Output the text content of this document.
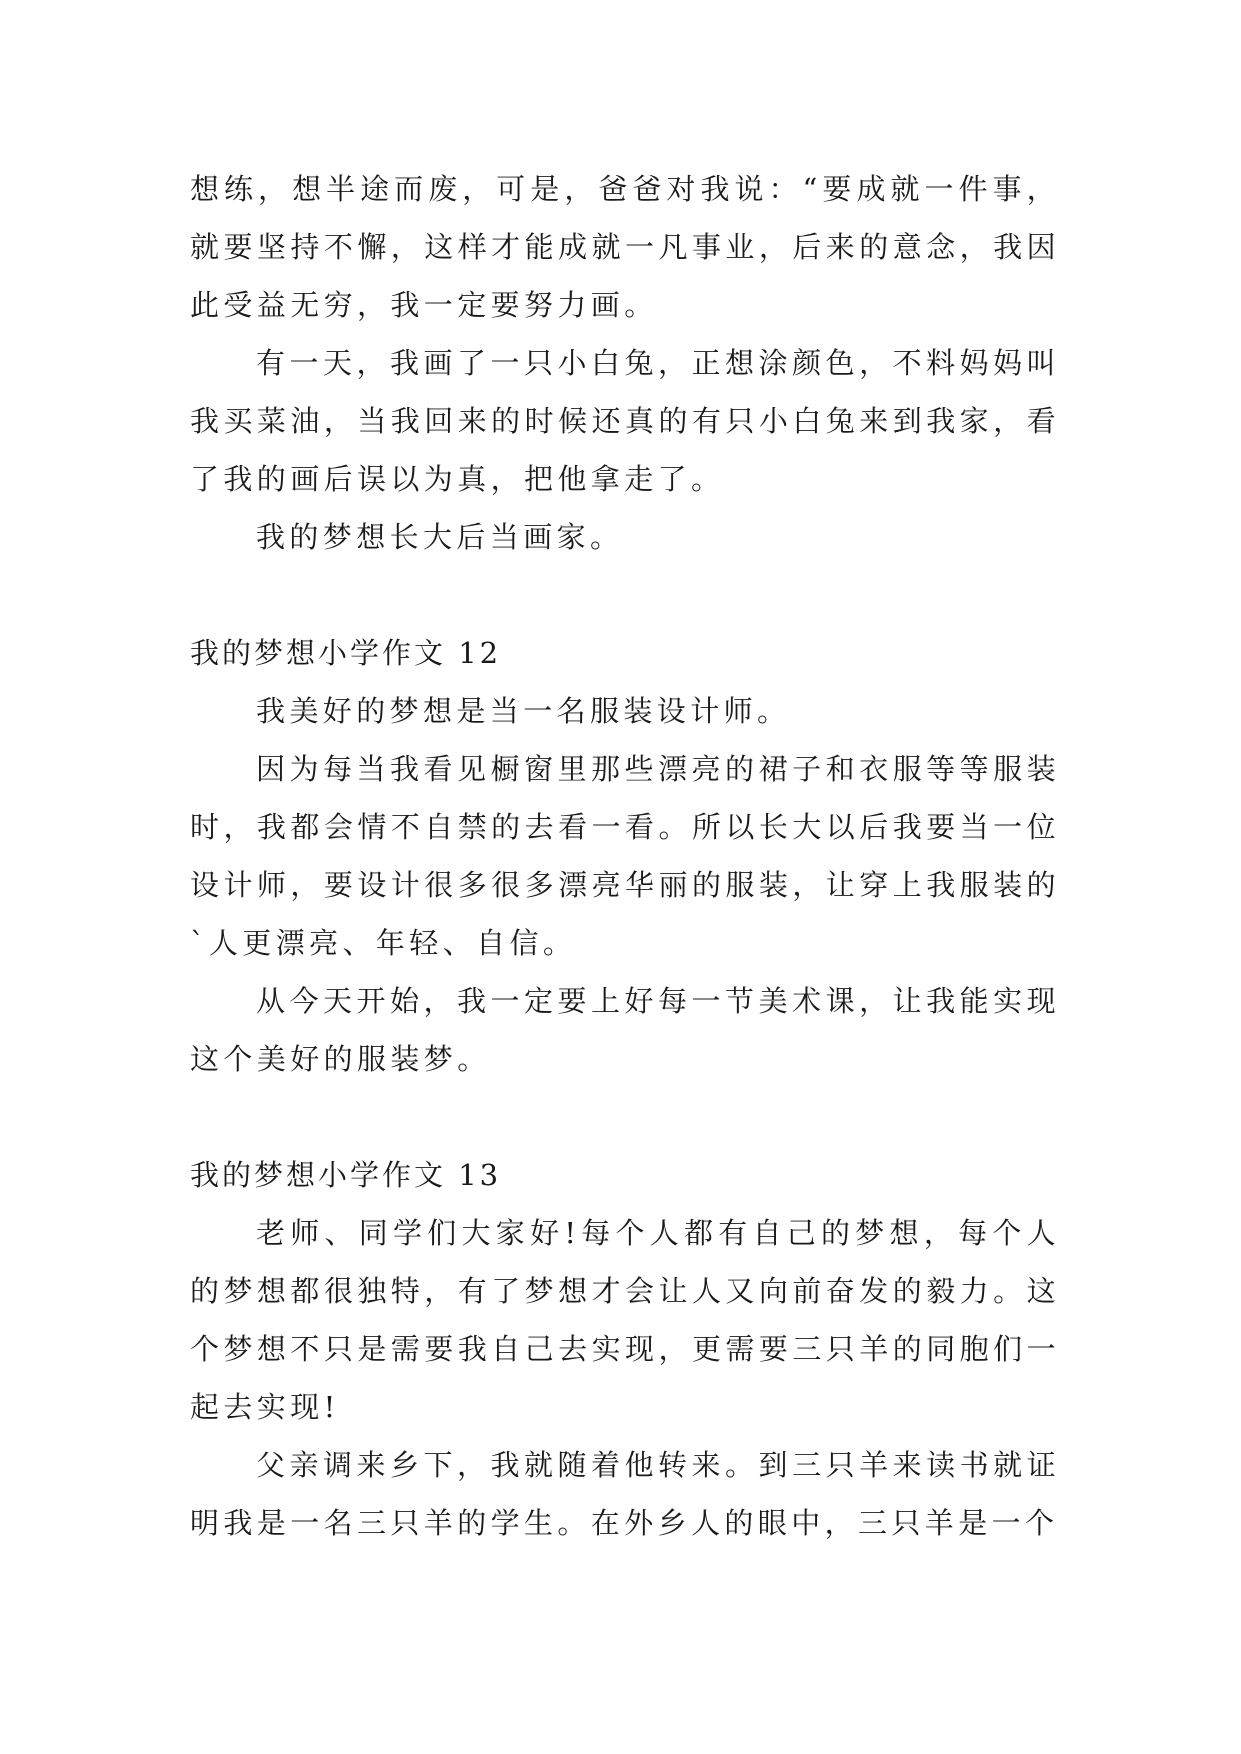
想练，想半途而废，可是，爸爸对我说：“要成就一件事，就要坚持不懈，这样才能成就一凡事业，后来的意念，我因此受益无穷，我一定要努力画。

有一天，我画了一只小白兔，正想涂颜色，不料妈妈叫我买菜油，当我回来的时候还真的有只小白兔来到我家，看了我的画后误以为真，把他拿走了。

我的梦想长大后当画家。

我的梦想小学作文 12

我美好的梦想是当一名服装设计师。

因为每当我看见橱窗里那些漂亮的裙子和衣服等等服装时，我都会情不自禁的去看一看。所以长大以后我要当一位设计师，要设计很多很多漂亮华丽的服装，让穿上我服装的`人更漂亮、年轻、自信。

从今天开始，我一定要上好每一节美术课，让我能实现这个美好的服装梦。

我的梦想小学作文 13

老师、同学们大家好!每个人都有自己的梦想，每个人的梦想都很独特，有了梦想才会让人又向前奋发的毅力。这个梦想不只是需要我自己去实现，更需要三只羊的同胞们一起去实现!

父亲调来乡下，我就随着他转来。到三只羊来读书就证明我是一名三只羊的学生。在外乡人的眼中，三只羊是一个
